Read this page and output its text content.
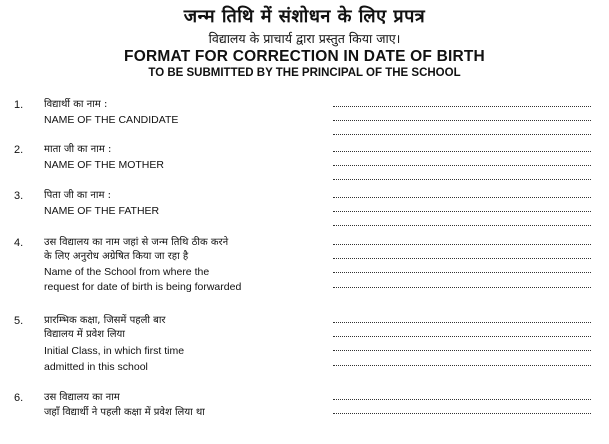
जन्म तिथि में संशोधन के लिए प्रपत्र
विद्यालय के प्राचार्य द्वारा प्रस्तुत किया जाए।
FORMAT FOR CORRECTION IN DATE OF BIRTH
TO BE SUBMITTED BY THE PRINCIPAL OF THE SCHOOL
1. विद्यार्थी का नाम :
NAME OF THE CANDIDATE
2. माता जी का नाम :
NAME OF THE MOTHER
3. पिता जी का नाम :
NAME OF THE FATHER
4. उस विद्यालय का नाम जहां से जन्म तिथि ठीक करने
के लिए अनुरोध अग्रेषित किया जा रहा है
Name of the School from where the
request for date of birth is being forwarded
5. प्रारम्भिक कक्षा, जिसमें पहली बार
विद्यालय में प्रवेश लिया
Initial Class, in which first time
admitted in this school
6. उस विद्यालय का नाम
जहाँ विद्यार्थी ने पहली कक्षा में प्रवेश लिया था
